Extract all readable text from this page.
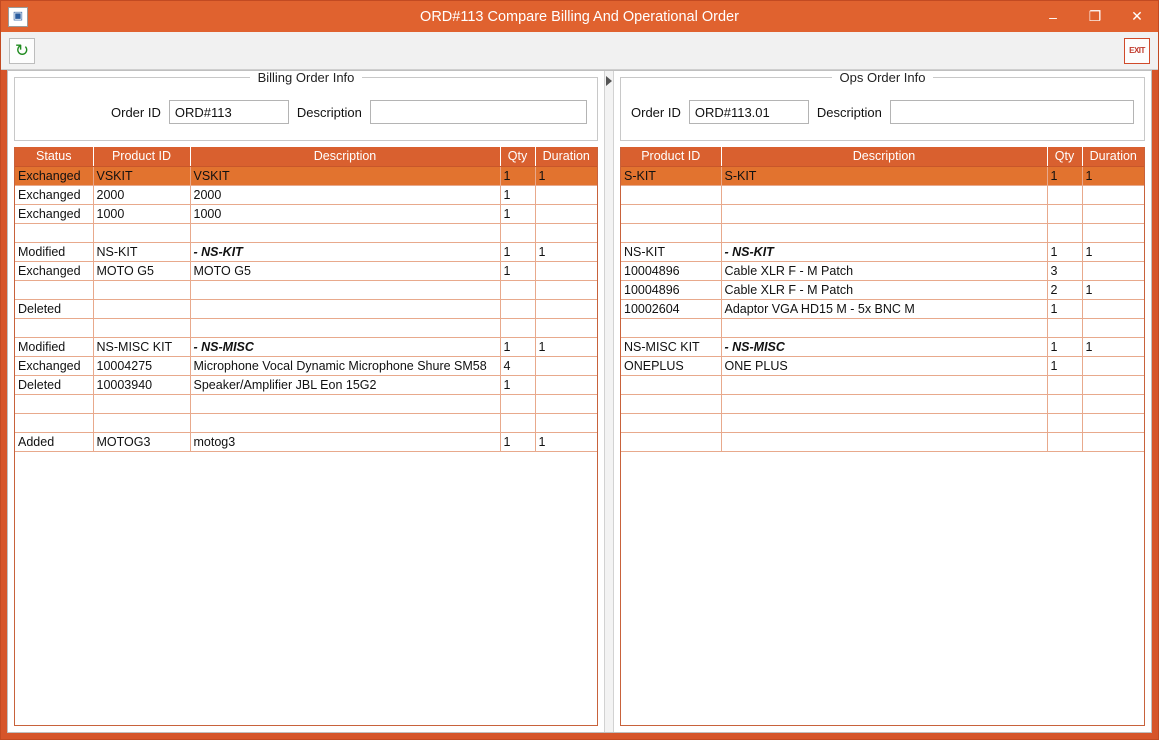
▣	ORD#113 Compare Billing And Operational Order	–	❐	✕
↻	EXIT
Billing Order Info
Order ID	ORD#113	Description
Status	Product ID	Description	Qty	Duration
Exchanged	VSKIT	VSKIT	1	1
Exchanged	2000	2000	1	
Exchanged	1000	1000	1	

Modified	NS-KIT	- NS-KIT	1	1
Exchanged	MOTO G5	MOTO G5	1	

Deleted				

Modified	NS-MISC KIT	- NS-MISC	1	1
Exchanged	10004275	Microphone Vocal Dynamic Microphone Shure SM58	4	
Deleted	10003940	Speaker/Amplifier JBL Eon 15G2	1	

Added	MOTOG3	motog3	1	1
Ops Order Info
Order ID	ORD#113.01	Description
Product ID	Description	Qty	Duration
S-KIT	S-KIT	1	1

NS-KIT	- NS-KIT	1	1
10004896	Cable XLR F - M Patch	3	
10004896	Cable XLR F - M Patch	2	1
10002604	Adaptor VGA HD15 M - 5x BNC M	1	

NS-MISC KIT	- NS-MISC	1	1
ONEPLUS	ONE PLUS	1	
